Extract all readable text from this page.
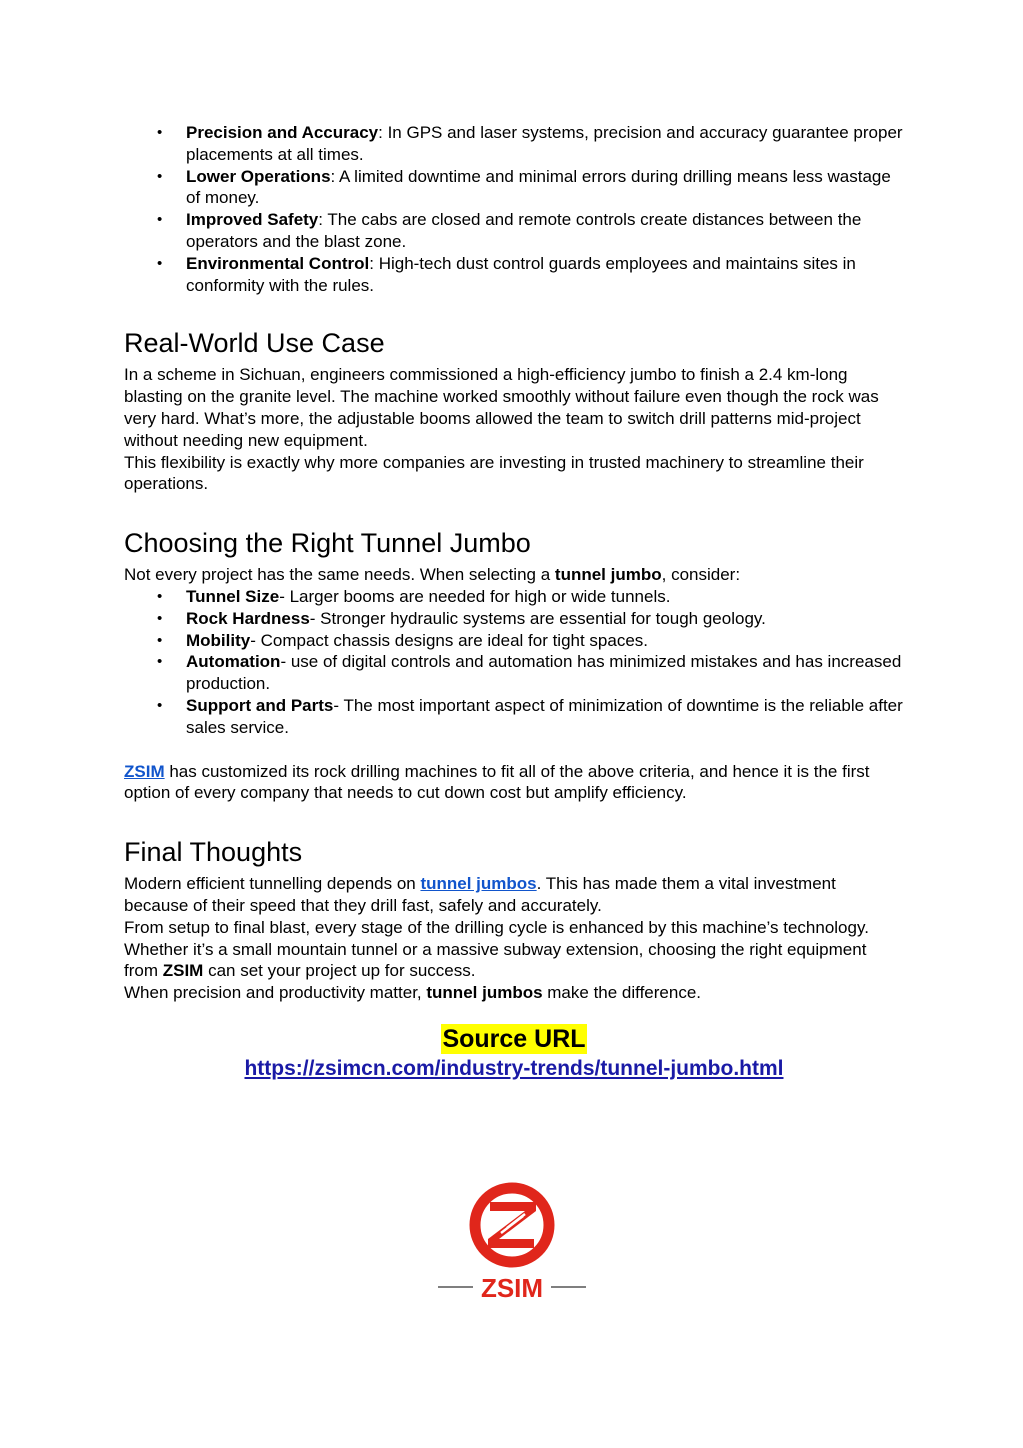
• Precision and Accuracy: In GPS and laser systems, precision and accuracy guarantee proper placements at all times.
• Lower Operations: A limited downtime and minimal errors during drilling means less wastage of money.
• Improved Safety: The cabs are closed and remote controls create distances between the operators and the blast zone.
• Environmental Control: High-tech dust control guards employees and maintains sites in conformity with the rules.
Real-World Use Case

In a scheme in Sichuan, engineers commissioned a high-efficiency jumbo to finish a 2.4 km-long blasting on the granite level. The machine worked smoothly without failure even though the rock was very hard. What’s more, the adjustable booms allowed the team to switch drill patterns mid-project without needing new equipment.

This flexibility is exactly why more companies are investing in trusted machinery to streamline their operations.

Choosing the Right Tunnel Jumbo

Not every project has the same needs. When selecting a tunnel jumbo, consider:

• Tunnel Size- Larger booms are needed for high or wide tunnels.
• Rock Hardness- Stronger hydraulic systems are essential for tough geology.
• Mobility- Compact chassis designs are ideal for tight spaces.
• Automation- use of digital controls and automation has minimized mistakes and has increased production.
• Support and Parts- The most important aspect of minimization of downtime is the reliable after sales service.

ZSIM has customized its rock drilling machines to fit all of the above criteria, and hence it is the first option of every company that needs to cut down cost but amplify efficiency.

Final Thoughts

Modern efficient tunnelling depends on tunnel jumbos. This has made them a vital investment because of their speed that they drill fast, safely and accurately.

From setup to final blast, every stage of the drilling cycle is enhanced by this machine’s technology. Whether it’s a small mountain tunnel or a massive subway extension, choosing the right equipment from ZSIM can set your project up for success.

When precision and productivity matter, tunnel jumbos make the difference.

Source URL
https://zsimcn.com/industry-trends/tunnel-jumbo.html
ZSIM
